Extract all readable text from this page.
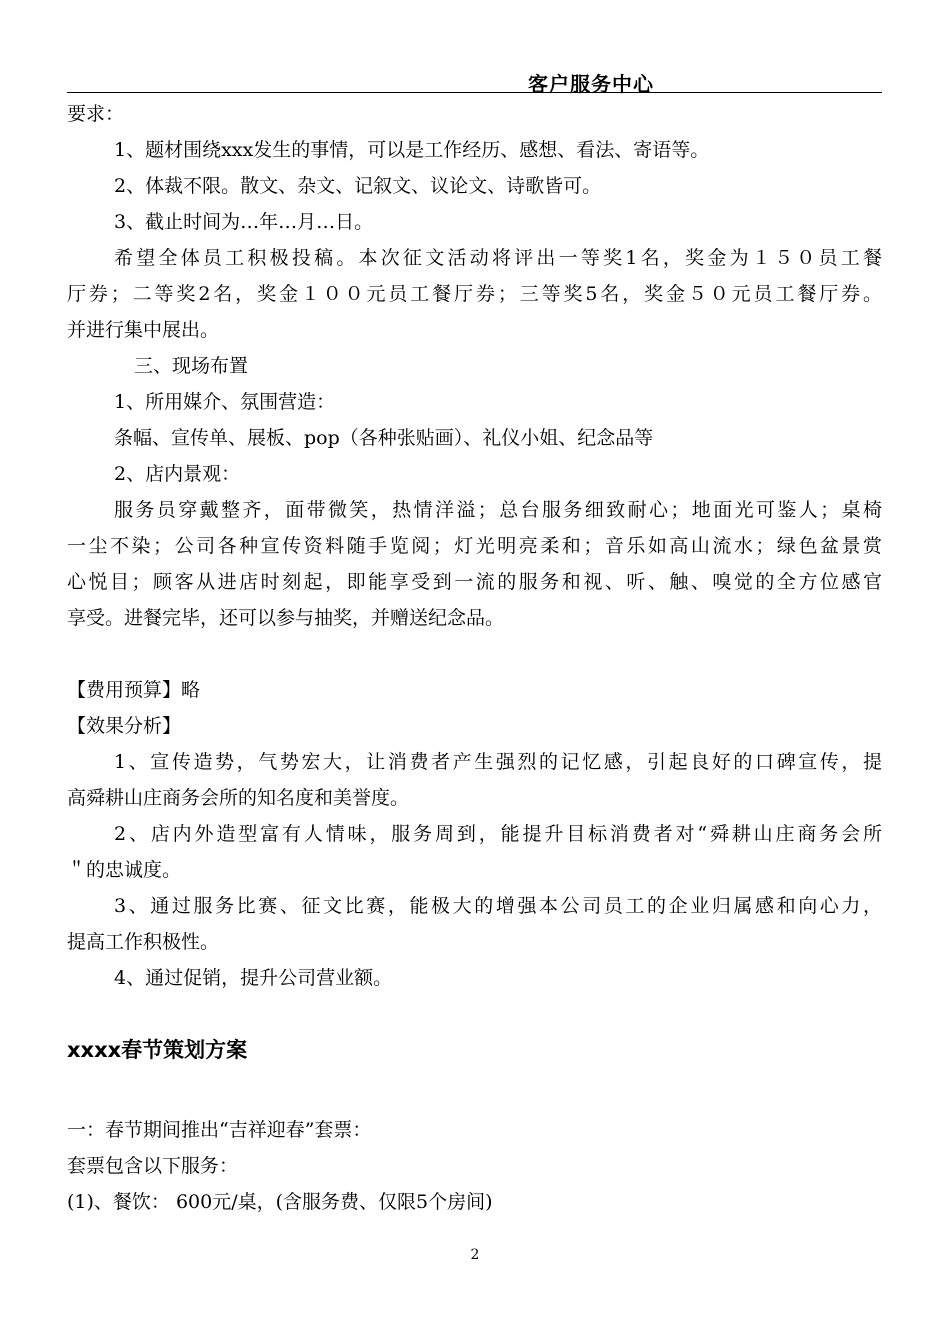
客户服务中心

要求：

1、题材围绕xxx发生的事情，可以是工作经历、感想、看法、寄语等。

2、体裁不限。散文、杂文、记叙文、议论文、诗歌皆可。

3、截止时间为…年…月…日。

希望全体员工积极投稿。本次征文活动将评出一等奖1名，奖金为１５０员工餐

厅券；二等奖2名，奖金１００元员工餐厅券；三等奖5名，奖金５０元员工餐厅券。

并进行集中展出。

三、现场布置

1、所用媒介、氛围营造：

条幅、宣传单、展板、pop（各种张贴画）、礼仪小姐、纪念品等

2、店内景观：

服务员穿戴整齐，面带微笑，热情洋溢；总台服务细致耐心；地面光可鉴人；桌椅

一尘不染；公司各种宣传资料随手览阅；灯光明亮柔和；音乐如高山流水；绿色盆景赏

心悦目；顾客从进店时刻起，即能享受到一流的服务和视、听、触、嗅觉的全方位感官

享受。进餐完毕，还可以参与抽奖，并赠送纪念品。

【费用预算】略

【效果分析】

1、宣传造势，气势宏大，让消费者产生强烈的记忆感，引起良好的口碑宣传，提

高舜耕山庄商务会所的知名度和美誉度。

2、店内外造型富有人情味，服务周到，能提升目标消费者对“舜耕山庄商务会所

＂的忠诚度。

3、通过服务比赛、征文比赛，能极大的增强本公司员工的企业归属感和向心力，

提高工作积极性。

4、通过促销，提升公司营业额。

xxxx春节策划方案

一：春节期间推出“吉祥迎春”套票：

套票包含以下服务：

(1)、餐饮： 600元/桌，(含服务费、仅限5个房间)

2
